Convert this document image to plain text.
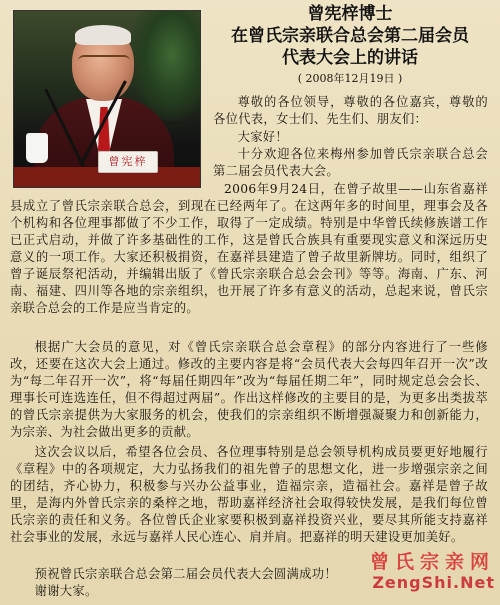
曾宪梓
曾宪梓博士
在曾氏宗亲联合总会第二届会员
代表大会上的讲话
( 2008年12月19日 )

尊敬的各位领导，尊敬的各位嘉宾，尊敬的各位代表，女士们、先生们、朋友们：

大家好！

十分欢迎各位来梅州参加曾氏宗亲联合总会第二届会员代表大会。

2006年9月24日，在曾子故里——山东省嘉祥县成立了曾氏宗亲联合总会，到现在已经两年了。在这两年多的时间里，理事会及各个机构和各位理事都做了不少工作，取得了一定成绩。特别是中华曾氏续修族谱工作已正式启动，并做了许多基础性的工作，这是曾氏合族具有重要现实意义和深远历史意义的一项工作。大家还积极捐资，在嘉祥县建造了曾子故里新牌坊。同时，组织了曾子诞辰祭祀活动，并编辑出版了《曾氏宗亲联合总会会刊》等等。海南、广东、河南、福建、四川等各地的宗亲组织，也开展了许多有意义的活动，总起来说，曾氏宗亲联合总会的工作是应当肯定的。

根据广大会员的意见，对《曾氏宗亲联合总会章程》的部分内容进行了一些修改，还要在这次大会上通过。修改的主要内容是将“会员代表大会每四年召开一次”改为“每二年召开一次”，将“每届任期四年”改为“每届任期二年”，同时规定总会会长、理事长可连选连任，但不得超过两届”。作出这样修改的主要目的是，为更多出类拔萃的曾氏宗亲提供为大家服务的机会，使我们的宗亲组织不断增强凝聚力和创新能力，为宗亲、为社会做出更多的贡献。

这次会议以后，希望各位会员、各位理事特别是总会领导机构成员要更好地履行《章程》中的各项规定，大力弘扬我们的祖先曾子的思想文化，进一步增强宗亲之间的团结，齐心协力，积极参与兴办公益事业，造福宗亲，造福社会。嘉祥是曾子故里，是海内外曾氏宗亲的桑梓之地，帮助嘉祥经济社会取得较快发展，是我们每位曾氏宗亲的责任和义务。各位曾氏企业家要积极到嘉祥投资兴业，要尽其所能支持嘉祥社会事业的发展，永远与嘉祥人民心连心、肩并肩。把嘉祥的明天建设更加美好。

预祝曾氏宗亲联合总会第二届会员代表大会圆满成功！

谢谢大家。

曾氏宗亲网
ZengShi.Net
